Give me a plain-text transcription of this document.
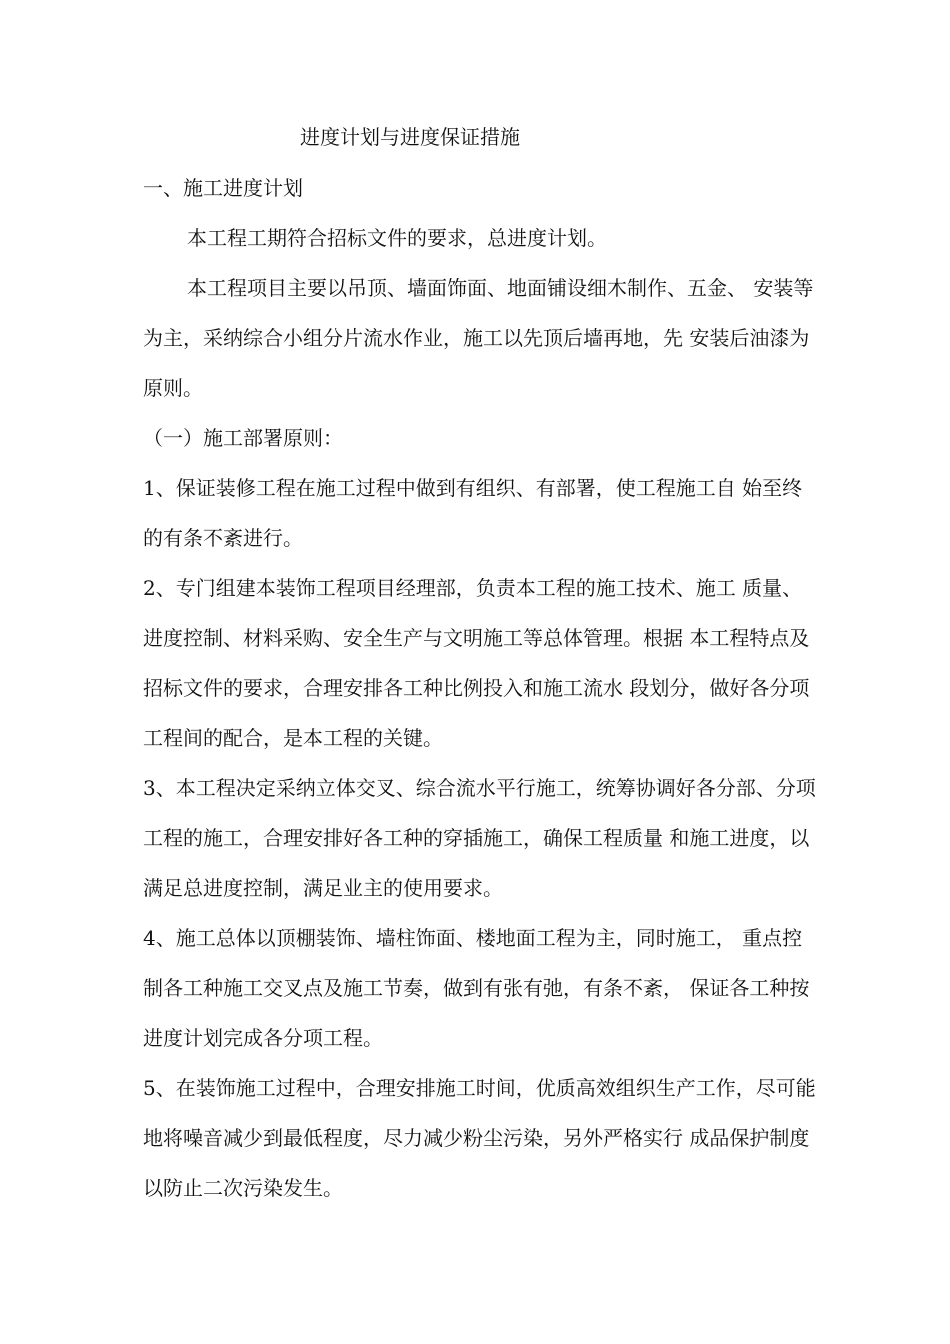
进度计划与进度保证措施

一、施工进度计划

本工程工期符合招标文件的要求，总进度计划。

本工程项目主要以吊顶、墙面饰面、地面铺设细木制作、五金、 安装等为主，采纳综合小组分片流水作业，施工以先顶后墙再地，先 安装后油漆为原则。

（一）施工部署原则：

1、保证装修工程在施工过程中做到有组织、有部署，使工程施工自 始至终的有条不紊进行。

2、专门组建本装饰工程项目经理部，负责本工程的施工技术、施工 质量、进度控制、材料采购、安全生产与文明施工等总体管理。根据 本工程特点及招标文件的要求，合理安排各工种比例投入和施工流水 段划分，做好各分项工程间的配合，是本工程的关键。

3、本工程决定采纳立体交叉、综合流水平行施工，统筹协调好各分部、分项工程的施工，合理安排好各工种的穿插施工，确保工程质量 和施工进度，以满足总进度控制，满足业主的使用要求。

4、施工总体以顶棚装饰、墙柱饰面、楼地面工程为主，同时施工， 重点控制各工种施工交叉点及施工节奏，做到有张有弛，有条不紊， 保证各工种按进度计划完成各分项工程。

5、在装饰施工过程中，合理安排施工时间，优质高效组织生产工作，尽可能地将噪音减少到最低程度，尽力减少粉尘污染，另外严格实行 成品保护制度以防止二次污染发生。
